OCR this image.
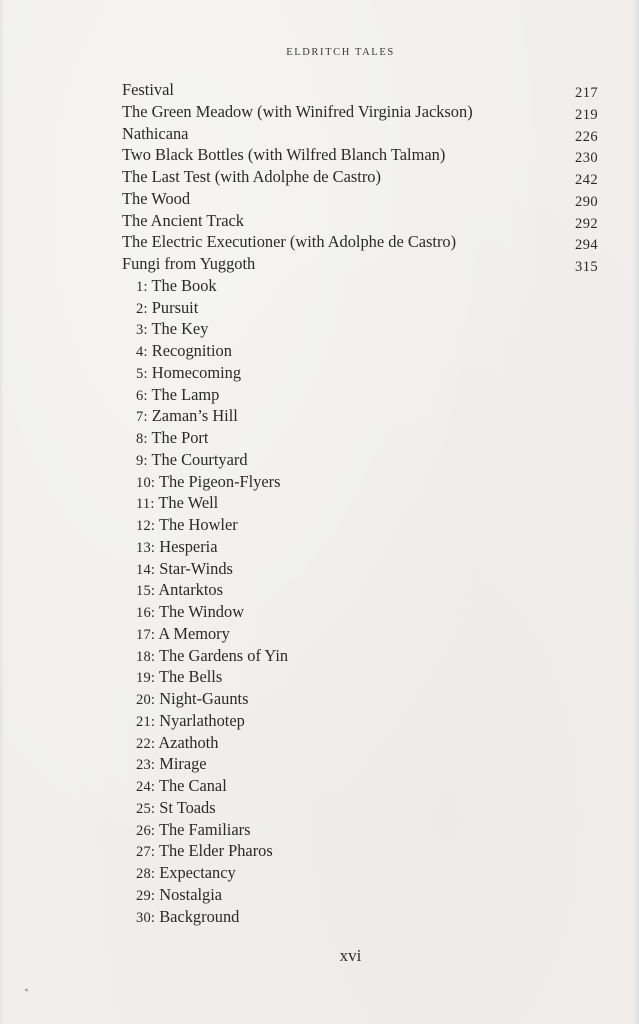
ELDRITCH TALES
Festival	217
The Green Meadow (with Winifred Virginia Jackson)	219
Nathicana	226
Two Black Bottles (with Wilfred Blanch Talman)	230
The Last Test (with Adolphe de Castro)	242
The Wood	290
The Ancient Track	292
The Electric Executioner (with Adolphe de Castro)	294
Fungi from Yuggoth	315
1: The Book
2: Pursuit
3: The Key
4: Recognition
5: Homecoming
6: The Lamp
7: Zaman’s Hill
8: The Port
9: The Courtyard
10: The Pigeon-Flyers
11: The Well
12: The Howler
13: Hesperia
14: Star-Winds
15: Antarktos
16: The Window
17: A Memory
18: The Gardens of Yin
19: The Bells
20: Night-Gaunts
21: Nyarlathotep
22: Azathoth
23: Mirage
24: The Canal
25: St Toads
26: The Familiars
27: The Elder Pharos
28: Expectancy
29: Nostalgia
30: Background
xvi
